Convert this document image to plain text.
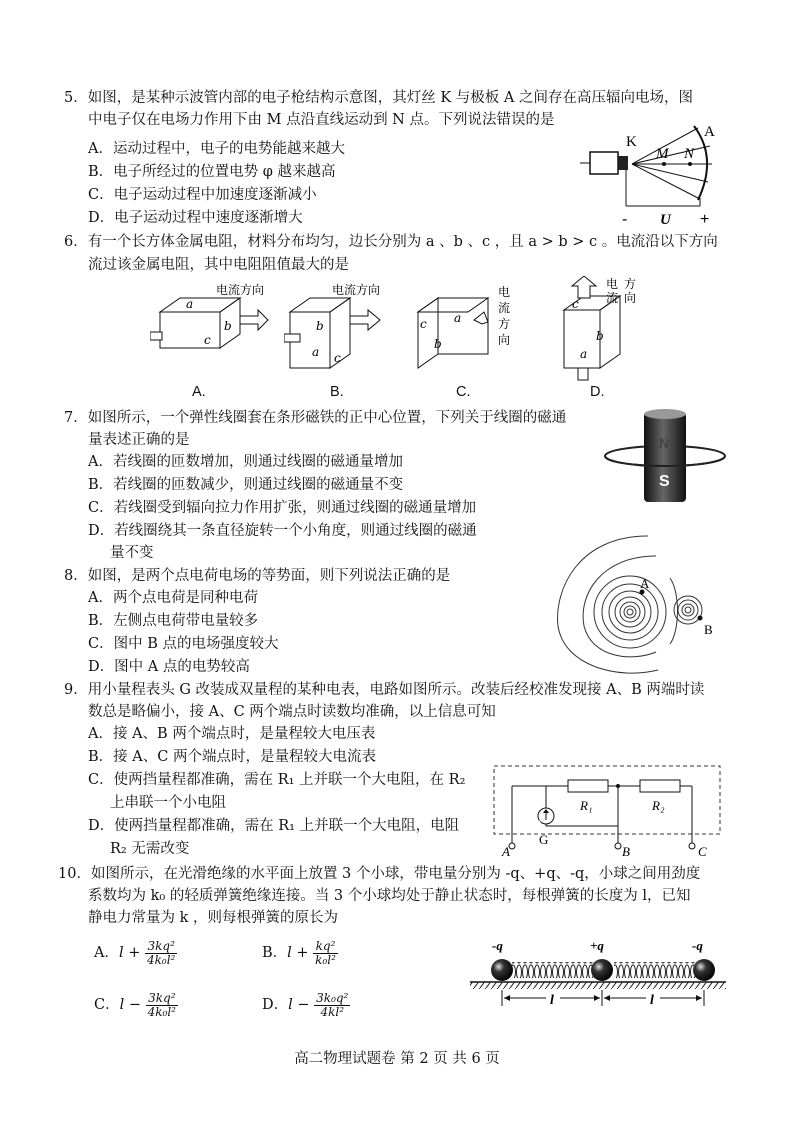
5．如图，是某种示波管内部的电子枪结构示意图，其灯丝 K 与极板 A 之间存在高压辐向电场，图
中电子仅在电场力作用下由 M 点沿直线运动到 N 点。下列说法错误的是
A．运动过程中，电子的电势能越来越大
B．电子所经过的位置电势 φ 越来越高
C．电子运动过程中加速度逐渐减小
D．电子运动过程中速度逐渐增大
K
M N
A
- U +
6．有一个长方体金属电阻，材料分布均匀，边长分别为 a 、b 、c ，且 a > b > c 。电流沿以下方向
流过该金属电阻，其中电阻阻值最大的是
a
b
c
电流方向
A.
b
a c
电流方向
B.
c a
b
电
流
方
向
C.
c
b
a
电
流
方
向
D.
7．如图所示，一个弹性线圈套在条形磁铁的正中心位置，下列关于线圈的磁通
量表述正确的是
A．若线圈的匝数增加，则通过线圈的磁通量增加
B．若线圈的匝数减少，则通过线圈的磁通量不变
C．若线圈受到辐向拉力作用扩张，则通过线圈的磁通量增加
D．若线圈绕其一条直径旋转一个小角度，则通过线圈的磁通
量不变
N
S
8．如图，是两个点电荷电场的等势面，则下列说法正确的是
A．两个点电荷是同种电荷
B．左侧点电荷带电量较多
C．图中 B 点的电场强度较大
D．图中 A 点的电势较高
A
B
9．用小量程表头 G 改装成双量程的某种电表，电路如图所示。改装后经校准发现接 A、B 两端时读
数总是略偏小，接 A、C 两个端点时读数均准确，以上信息可知
A．接 A、B 两个端点时，是量程较大电压表
B．接 A、C 两个端点时，是量程较大电流表
C．使两挡量程都准确，需在 R₁ 上并联一个大电阻，在 R₂
上串联一个小电阻
D．使两挡量程都准确，需在 R₁ 上并联一个大电阻，电阻
R₂ 无需改变
.
.
G
R₁	R₂
A	B	C
10．如图所示，在光滑绝缘的水平面上放置 3 个小球，带电量分别为 -q、+q、-q，小球之间用劲度
系数均为 k₀ 的轻质弹簧绝缘连接。当 3 个小球均处于静止状态时，每根弹簧的长度为 l，已知
静电力常量为 k ，则每根弹簧的原长为
A．$l + \frac{\text{3kq²}}{\text{4k₀l²}}$	B．$l + \frac{\text{kq²}}{\text{k₀l²}}$
C．$l - \frac{\text{3kq²}}{\text{4k₀l²}}$	D．$l - \frac{\text{3k₀q²}}{\text{4kl²}}$
-q	+q	-q
l	l
高二物理试题卷 第 2 页 共 6 页
